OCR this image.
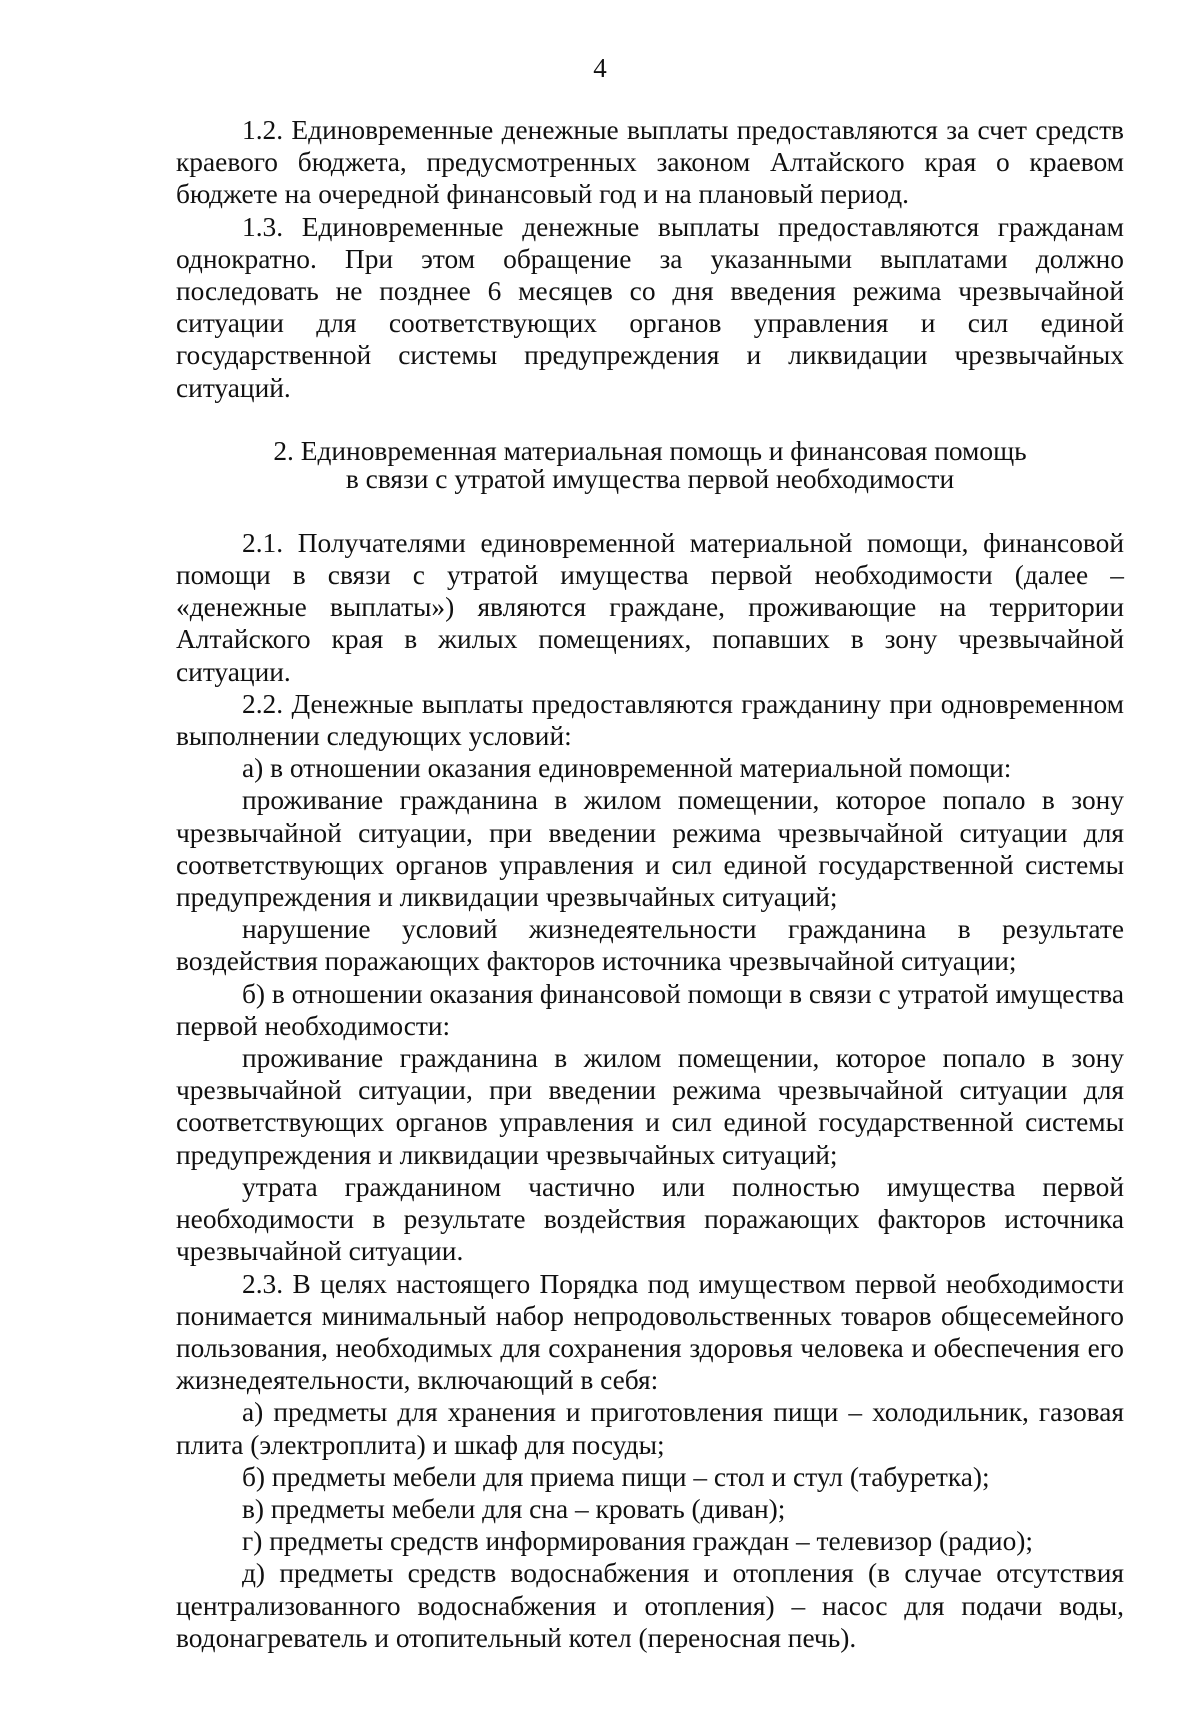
4

1.2. Единовременные денежные выплаты предоставляются за счет средств краевого бюджета, предусмотренных законом Алтайского края о краевом бюджете на очередной финансовый год и на плановый период.

1.3. Единовременные денежные выплаты предоставляются гражданам однократно. При этом обращение за указанными выплатами должно последовать не позднее 6 месяцев со дня введения режима чрезвычайной ситуации для соответствующих органов управления и сил единой государственной системы предупреждения и ликвидации чрезвычайных ситуаций.

2. Единовременная материальная помощь и финансовая помощь
в связи с утратой имущества первой необходимости

2.1. Получателями единовременной материальной помощи, финансовой помощи в связи с утратой имущества первой необходимости (далее – «денежные выплаты») являются граждане, проживающие на территории Алтайского края в жилых помещениях, попавших в зону чрезвычайной ситуации.

2.2. Денежные выплаты предоставляются гражданину при одновременном выполнении следующих условий:

а) в отношении оказания единовременной материальной помощи:

проживание гражданина в жилом помещении, которое попало в зону чрезвычайной ситуации, при введении режима чрезвычайной ситуации для соответствующих органов управления и сил единой государственной системы предупреждения и ликвидации чрезвычайных ситуаций;

нарушение условий жизнедеятельности гражданина в результате воздействия поражающих факторов источника чрезвычайной ситуации;

б) в отношении оказания финансовой помощи в связи с утратой имущества первой необходимости:

проживание гражданина в жилом помещении, которое попало в зону чрезвычайной ситуации, при введении режима чрезвычайной ситуации для соответствующих органов управления и сил единой государственной системы предупреждения и ликвидации чрезвычайных ситуаций;

утрата гражданином частично или полностью имущества первой необходимости в результате воздействия поражающих факторов источника чрезвычайной ситуации.

2.3. В целях настоящего Порядка под имуществом первой необходимости понимается минимальный набор непродовольственных товаров общесемейного пользования, необходимых для сохранения здоровья человека и обеспечения его жизнедеятельности, включающий в себя:

а) предметы для хранения и приготовления пищи – холодильник, газовая плита (электроплита) и шкаф для посуды;

б) предметы мебели для приема пищи – стол и стул (табуретка);

в) предметы мебели для сна – кровать (диван);

г) предметы средств информирования граждан – телевизор (радио);

д) предметы средств водоснабжения и отопления (в случае отсутствия централизованного водоснабжения и отопления) – насос для подачи воды, водонагреватель и отопительный котел (переносная печь).
